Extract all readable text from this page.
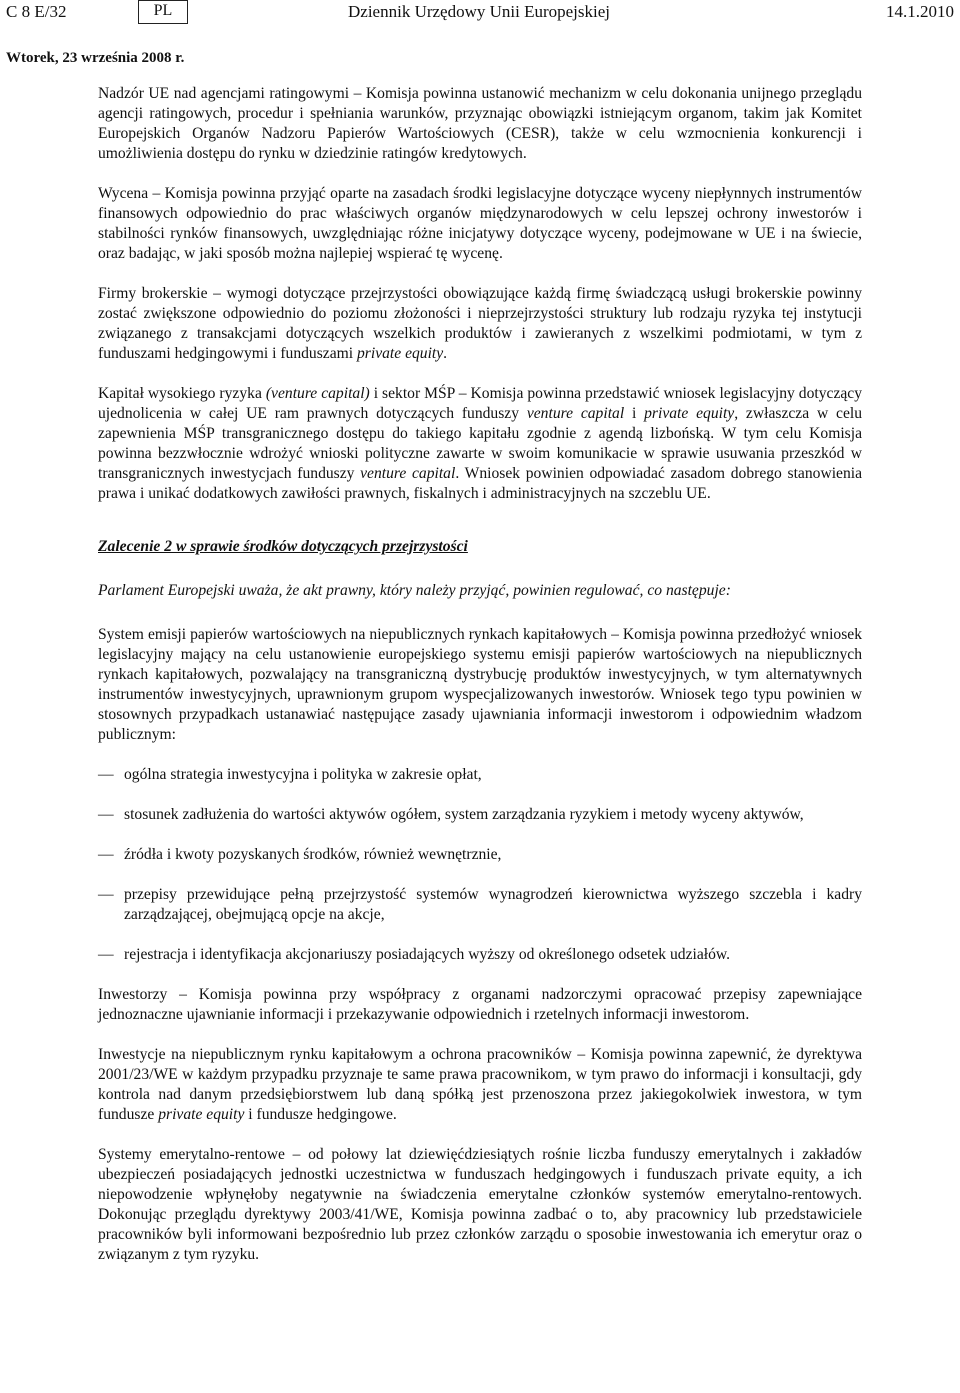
C 8 E/32	PL	Dziennik Urzędowy Unii Europejskiej	14.1.2010
Wtorek, 23 września 2008 r.

Nadzór UE nad agencjami ratingowymi – Komisja powinna ustanowić mechanizm w celu dokonania unijnego przeglądu agencji ratingowych, procedur i spełniania warunków, przyznając obowiązki istniejącym organom, takim jak Komitet Europejskich Organów Nadzoru Papierów Wartościowych (CESR), także w celu wzmocnienia konkurencji i umożliwienia dostępu do rynku w dziedzinie ratingów kredytowych.

Wycena – Komisja powinna przyjąć oparte na zasadach środki legislacyjne dotyczące wyceny niepłynnych instrumentów finansowych odpowiednio do prac właściwych organów międzynarodowych w celu lepszej ochrony inwestorów i stabilności rynków finansowych, uwzględniając różne inicjatywy dotyczące wyceny, podejmowane w UE i na świecie, oraz badając, w jaki sposób można najlepiej wspierać tę wycenę.

Firmy brokerskie – wymogi dotyczące przejrzystości obowiązujące każdą firmę świadczącą usługi brokerskie powinny zostać zwiększone odpowiednio do poziomu złożoności i nieprzejrzystości struktury lub rodzaju ryzyka tej instytucji związanego z transakcjami dotyczących wszelkich produktów i zawieranych z wszelkimi podmiotami, w tym z funduszami hedgingowymi i funduszami private equity.

Kapitał wysokiego ryzyka (venture capital) i sektor MŚP – Komisja powinna przedstawić wniosek legislacyjny dotyczący ujednolicenia w całej UE ram prawnych dotyczących funduszy venture capital i private equity, zwłaszcza w celu zapewnienia MŚP transgranicznego dostępu do takiego kapitału zgodnie z agendą lizbońską. W tym celu Komisja powinna bezzwłocznie wdrożyć wnioski polityczne zawarte w swoim komunikacie w sprawie usuwania przeszkód w transgranicznych inwestycjach funduszy venture capital. Wniosek powinien odpowiadać zasadom dobrego stanowienia prawa i unikać dodatkowych zawiłości prawnych, fiskalnych i administracyjnych na szczeblu UE.

Zalecenie 2 w sprawie środków dotyczących przejrzystości

Parlament Europejski uważa, że akt prawny, który należy przyjąć, powinien regulować, co następuje:

System emisji papierów wartościowych na niepublicznych rynkach kapitałowych – Komisja powinna przedłożyć wniosek legislacyjny mający na celu ustanowienie europejskiego systemu emisji papierów wartościowych na niepublicznych rynkach kapitałowych, pozwalający na transgraniczną dystrybucję produktów inwestycyjnych, w tym alternatywnych instrumentów inwestycyjnych, uprawnionym grupom wyspecjalizowanych inwestorów. Wniosek tego typu powinien w stosownych przypadkach ustanawiać następujące zasady ujawniania informacji inwestorom i odpowiednim władzom publicznym:

— ogólna strategia inwestycyjna i polityka w zakresie opłat,
— stosunek zadłużenia do wartości aktywów ogółem, system zarządzania ryzykiem i metody wyceny aktywów,
— źródła i kwoty pozyskanych środków, również wewnętrznie,
— przepisy przewidujące pełną przejrzystość systemów wynagrodzeń kierownictwa wyższego szczebla i kadry zarządzającej, obejmującą opcje na akcje,
— rejestracja i identyfikacja akcjonariuszy posiadających wyższy od określonego odsetek udziałów.

Inwestorzy – Komisja powinna przy współpracy z organami nadzorczymi opracować przepisy zapewniające jednoznaczne ujawnianie informacji i przekazywanie odpowiednich i rzetelnych informacji inwestorom.

Inwestycje na niepublicznym rynku kapitałowym a ochrona pracowników – Komisja powinna zapewnić, że dyrektywa 2001/23/WE w każdym przypadku przyznaje te same prawa pracownikom, w tym prawo do informacji i konsultacji, gdy kontrola nad danym przedsiębiorstwem lub daną spółką jest przenoszona przez jakiegokolwiek inwestora, w tym fundusze private equity i fundusze hedgingowe.

Systemy emerytalno-rentowe – od połowy lat dziewięćdziesiątych rośnie liczba funduszy emerytalnych i zakładów ubezpieczeń posiadających jednostki uczestnictwa w funduszach hedgingowych i funduszach private equity, a ich niepowodzenie wpłynęłoby negatywnie na świadczenia emerytalne członków systemów emerytalno-rentowych. Dokonując przeglądu dyrektywy 2003/41/WE, Komisja powinna zadbać o to, aby pracownicy lub przedstawiciele pracowników byli informowani bezpośrednio lub przez członków zarządu o sposobie inwestowania ich emerytur oraz o związanym z tym ryzyku.
